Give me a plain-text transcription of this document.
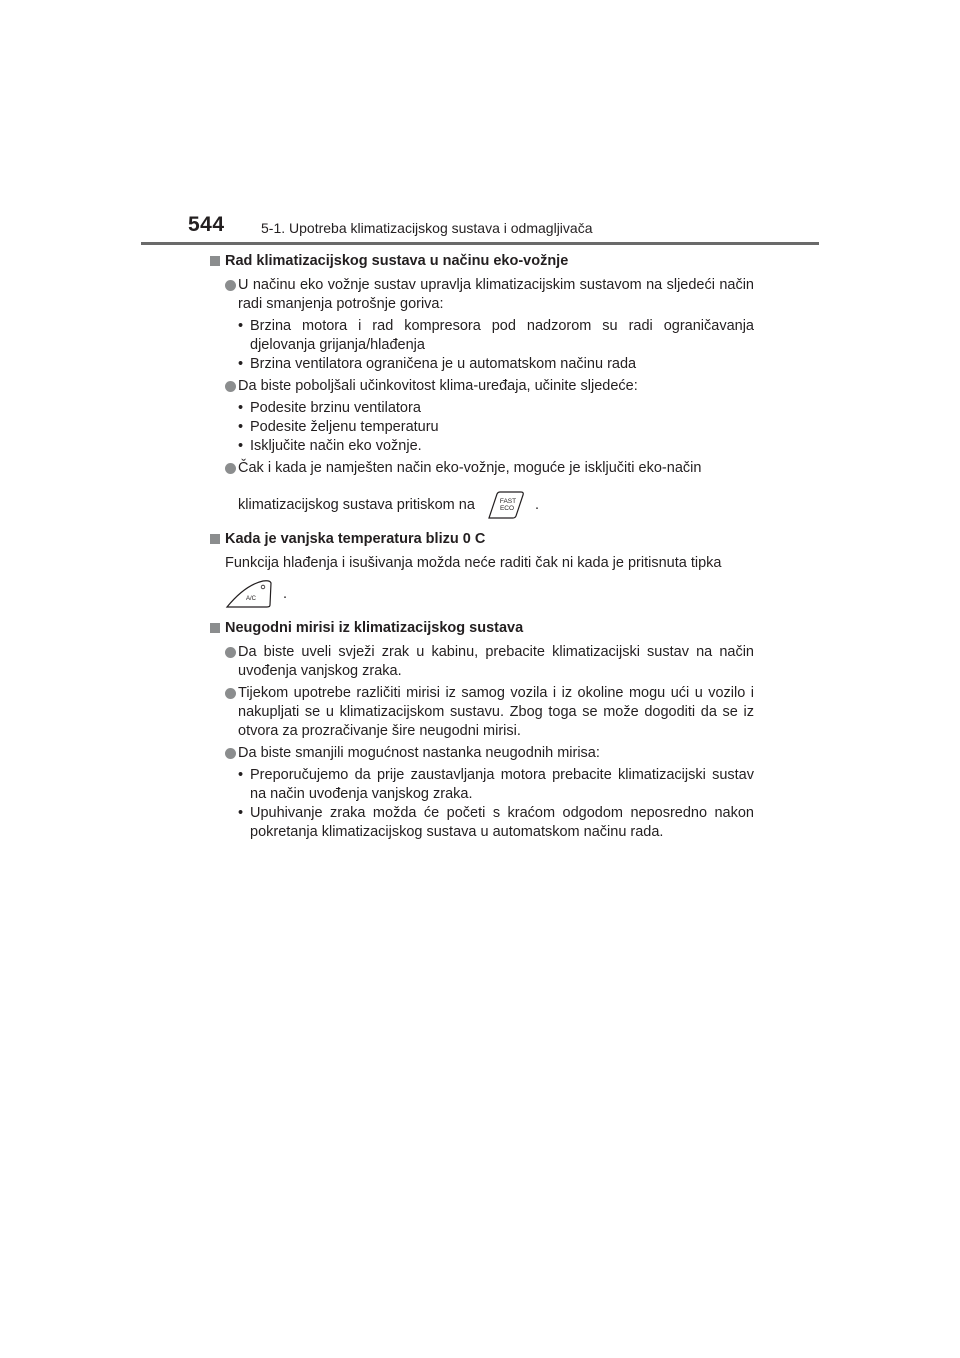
544	5-1. Upotreba klimatizacijskog sustava i odmagljivača
Rad klimatizacijskog sustava u načinu eko-vožnje
U načinu eko vožnje sustav upravlja klimatizacijskim sustavom na sljedeći način radi smanjenja potrošnje goriva:
• Brzina motora i rad kompresora pod nadzorom su radi ograničavanja djelovanja grijanja/hlađenja
• Brzina ventilatora ograničena je u automatskom načinu rada
Da biste poboljšali učinkovitost klima-uređaja, učinite sljedeće:
• Podesite brzinu ventilatora
• Podesite željenu temperaturu
• Isključite način eko vožnje.
Čak i kada je namješten način eko-vožnje, moguće je isključiti eko-način
klimatizacijskog sustava pritiskom na	FAST
ECO .
Kada je vanjska temperatura blizu 0 C
Funkcija hlađenja i isušivanja možda neće raditi čak ni kada je pritisnuta tipka
A/C .
Neugodni mirisi iz klimatizacijskog sustava
Da biste uveli svježi zrak u kabinu, prebacite klimatizacijski sustav na način uvođenja vanjskog zraka.
Tijekom upotrebe različiti mirisi iz samog vozila i iz okoline mogu ući u vozilo i nakupljati se u klimatizacijskom sustavu. Zbog toga se može dogoditi da se iz otvora za prozračivanje šire neugodni mirisi.
Da biste smanjili mogućnost nastanka neugodnih mirisa:
• Preporučujemo da prije zaustavljanja motora prebacite klimatizacijski sustav na način uvođenja vanjskog zraka.
• Upuhivanje zraka možda će početi s kraćom odgodom neposredno nakon pokretanja klimatizacijskog sustava u automatskom načinu rada.
